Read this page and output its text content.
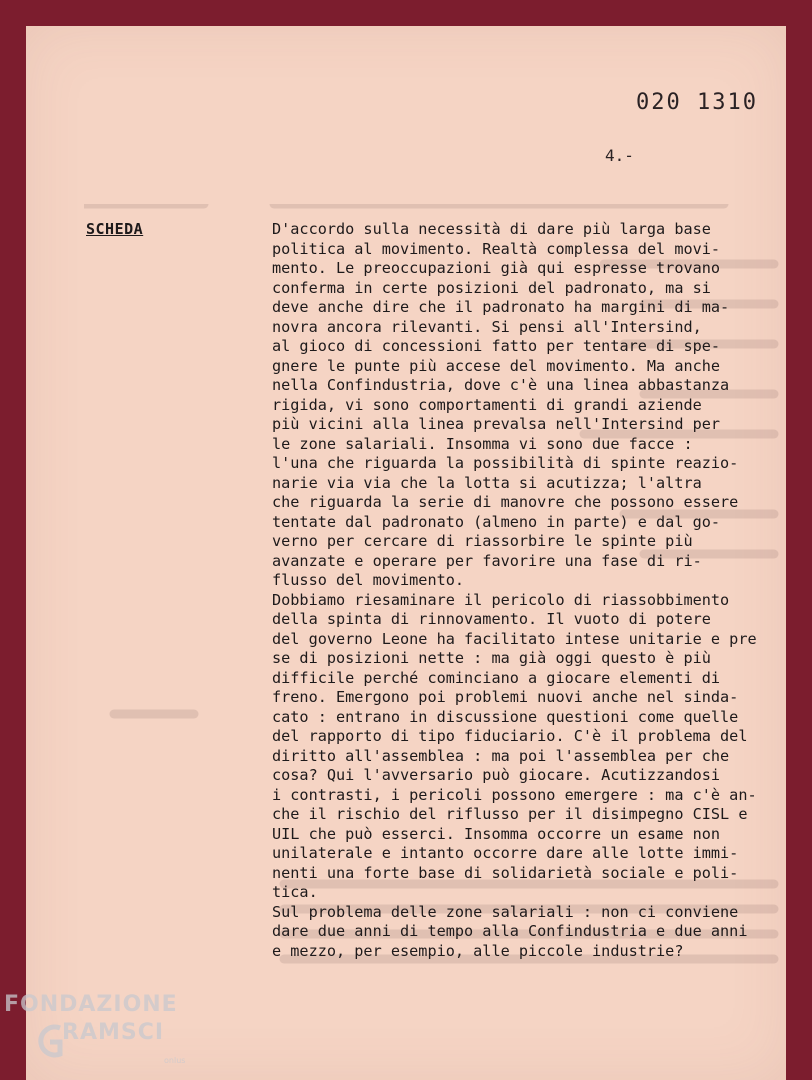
020 1310
4.-
SCHEDA	D'accordo sulla necessità di dare più larga base
politica al movimento. Realtà complessa del movi-
mento. Le preoccupazioni già qui espresse trovano
conferma in certe posizioni del padronato, ma si
deve anche dire che il padronato ha margini di ma-
novra ancora rilevanti. Si pensi all'Intersind,
al gioco di concessioni fatto per tentare di spe-
gnere le punte più accese del movimento. Ma anche
nella Confindustria, dove c'è una linea abbastanza
rigida, vi sono comportamenti di grandi aziende
più vicini alla linea prevalsa nell'Intersind per
le zone salariali. Insomma vi sono due facce :
l'una che riguarda la possibilità di spinte reazio-
narie via via che la lotta si acutizza; l'altra
che riguarda la serie di manovre che possono essere
tentate dal padronato (almeno in parte) e dal go-
verno per cercare di riassorbire le spinte più
avanzate e operare per favorire una fase di ri-
flusso del movimento.
Dobbiamo riesaminare il pericolo di riassobbimento
della spinta di rinnovamento. Il vuoto di potere
del governo Leone ha facilitato intese unitarie e pre
se di posizioni nette : ma già oggi questo è più
difficile perché cominciano a giocare elementi di
freno. Emergono poi problemi nuovi anche nel sinda-
cato : entrano in discussione questioni come quelle
del rapporto di tipo fiduciario. C'è il problema del
diritto all'assemblea : ma poi l'assemblea per che
cosa? Qui l'avversario può giocare. Acutizzandosi
i contrasti, i pericoli possono emergere : ma c'è an-
che il rischio del riflusso per il disimpegno CISL e
UIL che può esserci. Insomma occorre un esame non
unilaterale e intanto occorre dare alle lotte immi-
nenti una forte base di solidarietà sociale e poli-
tica.
Sul problema delle zone salariali : non ci conviene
dare due anni di tempo alla Confindustria e due anni
e mezzo, per esempio, alle piccole industrie?
FONDAZIONE
RAMSCI
onlus
